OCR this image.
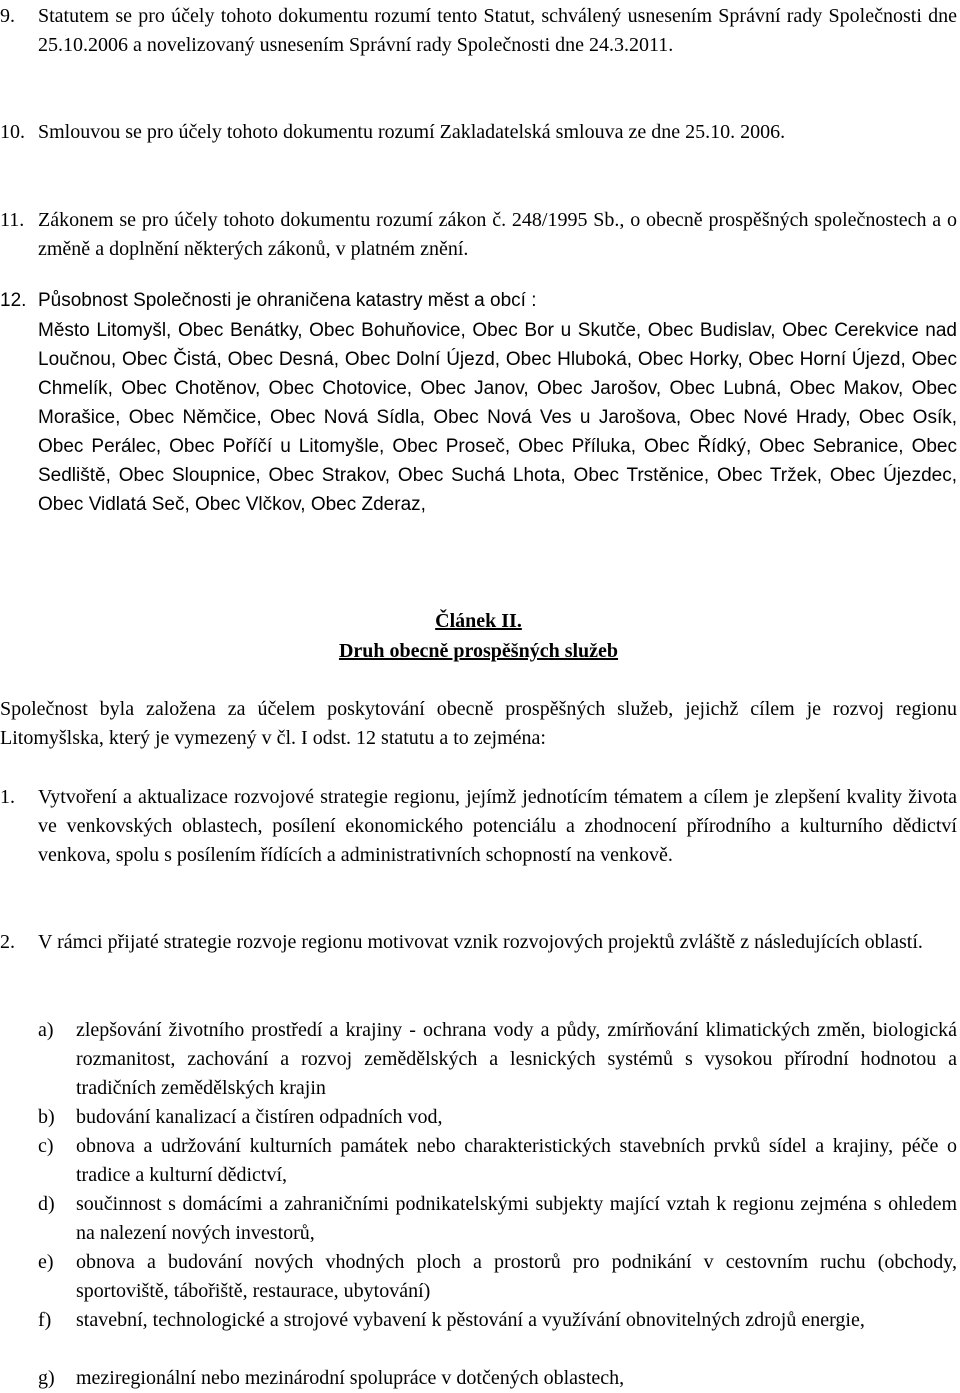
9.	Statutem se pro účely tohoto dokumentu rozumí tento Statut, schválený usnesením Správní rady Společnosti dne 25.10.2006 a novelizovaný usnesením Správní rady Společnosti dne 24.3.2011.
10. Smlouvou se pro účely tohoto dokumentu rozumí Zakladatelská smlouva ze dne 25.10. 2006.
11. Zákonem se pro účely tohoto dokumentu rozumí zákon č. 248/1995 Sb., o obecně prospěšných společnostech a o změně a doplnění některých zákonů, v platném znění.
12. Působnost Společnosti je ohraničena katastry měst a obcí :
Město Litomyšl, Obec Benátky, Obec Bohuňovice, Obec Bor u Skutče, Obec Budislav, Obec Cerekvice nad Loučnou, Obec Čistá, Obec Desná, Obec Dolní Újezd, Obec Hluboká, Obec Horky, Obec Horní Újezd, Obec Chmelík, Obec Chotěnov, Obec Chotovice, Obec Janov, Obec Jarošov, Obec Lubná, Obec Makov, Obec Morašice, Obec Němčice, Obec Nová Sídla, Obec Nová Ves u Jarošova, Obec Nové Hrady, Obec Osík, Obec Perálec, Obec Poříčí u Litomyšle, Obec Proseč, Obec Příluka, Obec Řídký, Obec Sebranice, Obec Sedliště, Obec Sloupnice, Obec Strakov, Obec Suchá Lhota, Obec Trstěnice, Obec Tržek, Obec Újezdec, Obec Vidlatá Seč, Obec Vlčkov, Obec Zderaz,
Článek II.
Druh obecně prospěšných služeb
Společnost byla založena za účelem poskytování obecně prospěšných služeb, jejichž cílem je rozvoj regionu Litomyšlska, který je vymezený v čl. I odst. 12 statutu a to zejména:
1.	Vytvoření a aktualizace rozvojové strategie regionu, jejímž jednotícím tématem a cílem je zlepšení kvality života ve venkovských oblastech, posílení ekonomického potenciálu a zhodnocení přírodního a kulturního dědictví venkova, spolu s posílením řídících a administrativních schopností na venkově.
2.	V rámci přijaté strategie rozvoje regionu motivovat vznik rozvojových projektů zvláště z následujících oblastí.
a)	zlepšování životního prostředí a krajiny - ochrana vody a půdy, zmírňování klimatických změn, biologická rozmanitost, zachování a rozvoj zemědělských a lesnických systémů s vysokou přírodní hodnotou a tradičních zemědělských krajin
b)	budování kanalizací a čistíren odpadních vod,
c)	obnova a udržování kulturních památek nebo charakteristických stavebních prvků sídel a krajiny, péče o tradice a kulturní dědictví,
d)	součinnost s domácími a zahraničními podnikatelskými subjekty mající vztah k regionu zejména s ohledem na nalezení nových investorů,
e)	obnova a budování nových vhodných ploch a prostorů pro podnikání v cestovním ruchu (obchody, sportoviště, tábořiště, restaurace, ubytování)
f)	stavební, technologické a strojové vybavení k pěstování a využívání obnovitelných zdrojů energie,
g)	meziregionální nebo mezinárodní spolupráce v dotčených oblastech,
